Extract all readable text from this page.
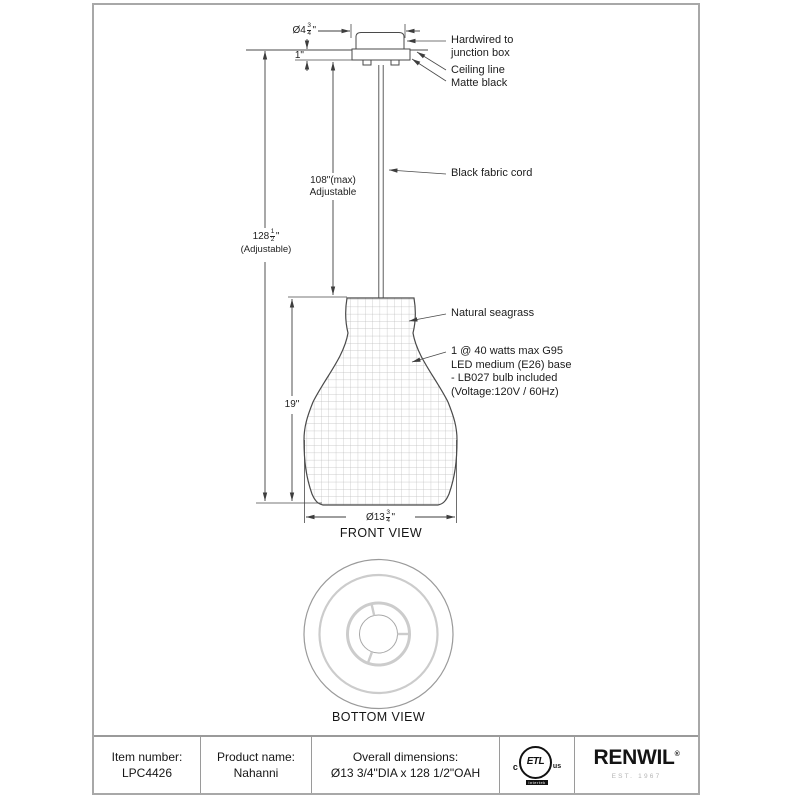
Item number:
LPC4426
Product name:
Nahanni
Overall dimensions:
Ø13 3/4"DIA x 128 1/2"OAH	c ETL	us
Intertek
RENWIL®
EST. 1967
Hardwired to
junction box
Ceiling line
Matte black
Black fabric cord
Natural seagrass
1 @ 40 watts max G95
LED medium (E26) base
- LB027 bulb included
(Voltage:120V / 60Hz)
Ø4 $\frac{3}{4}$ "
1"
108"(max)
Adjustable
$128 \frac{1}{2}$ "
(Adjustable)
19"
Ø13 $\frac{3}{4}$ "
FRONT VIEW
BOTTOM VIEW
